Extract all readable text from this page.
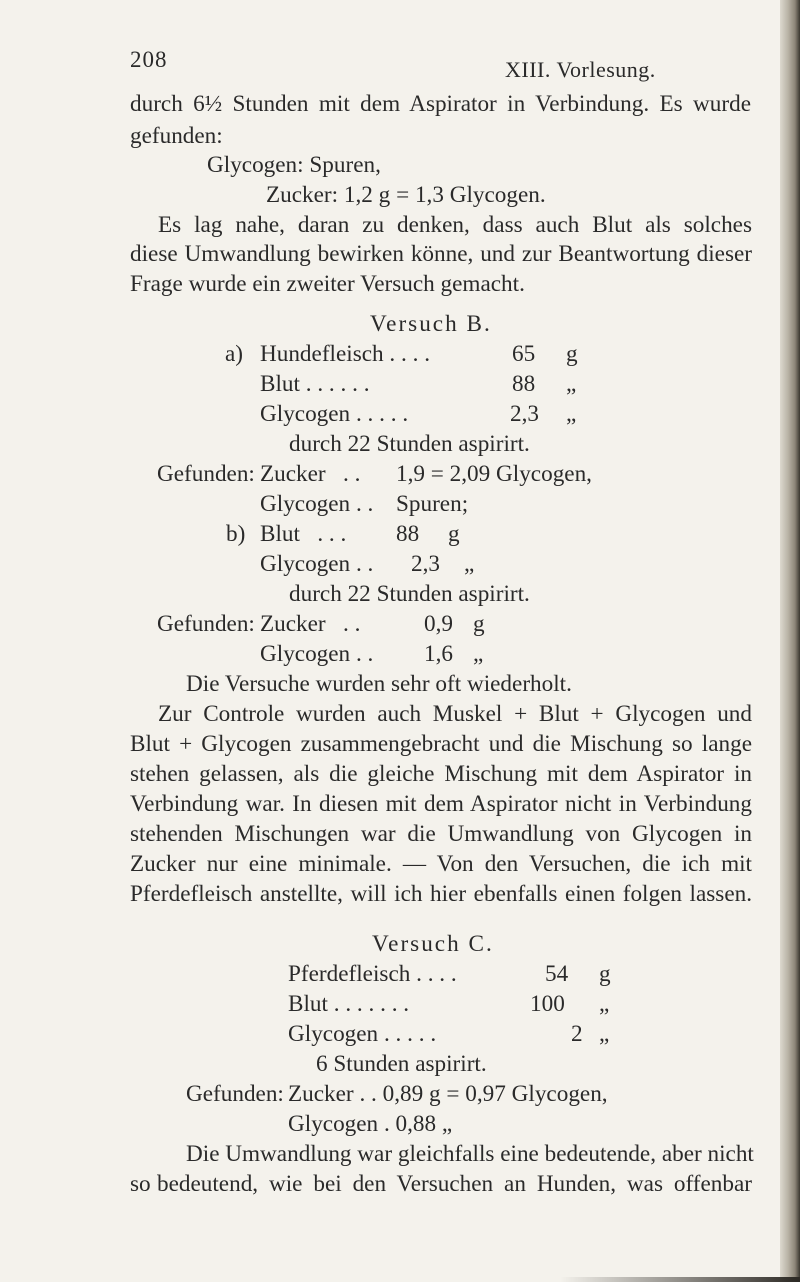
208	XIII. Vorlesung.
durch 6½ Stunden mit dem Aspirator in Verbindung. Es wurde
gefunden:
Glycogen: Spuren,
Zucker: 1,2 g = 1,3 Glycogen.
Es lag nahe, daran zu denken, dass auch Blut als solches
diese Umwandlung bewirken könne, und zur Beantwortung dieser
Frage wurde ein zweiter Versuch gemacht.
Versuch B.
a) Hundefleisch . . . .	65 g
Blut . . . . . .	88 „
Glycogen . . . . .	2,3 „
durch 22 Stunden aspirirt.
Gefunden: Zucker   . . 1,9 = 2,09 Glycogen,
Glycogen . . Spuren;
b) Blut   . . . 88 g
Glycogen . . 2,3 „
durch 22 Stunden aspirirt.
Gefunden: Zucker   . .	0,9 g
Glycogen . . 1,6 „
Die Versuche wurden sehr oft wiederholt.
Zur Controle wurden auch Muskel + Blut + Glycogen und
Blut + Glycogen zusammengebracht und die Mischung so lange
stehen gelassen, als die gleiche Mischung mit dem Aspirator in
Verbindung war. In diesen mit dem Aspirator nicht in Verbindung
stehenden Mischungen war die Umwandlung von Glycogen in
Zucker nur eine minimale. — Von den Versuchen, die ich mit
Pferdefleisch anstellte, will ich hier ebenfalls einen folgen lassen.
Versuch C.
Pferdefleisch . . . .	54 g
Blut . . . . . . .	100 „
Glycogen . . . . .	2 „
6 Stunden aspirirt.
Gefunden: Zucker . . 0,89 g = 0,97 Glycogen,
Glycogen . 0,88 „
Die Umwandlung war gleichfalls eine bedeutende, aber nicht
so bedeutend, wie bei den Versuchen an Hunden, was offenbar
